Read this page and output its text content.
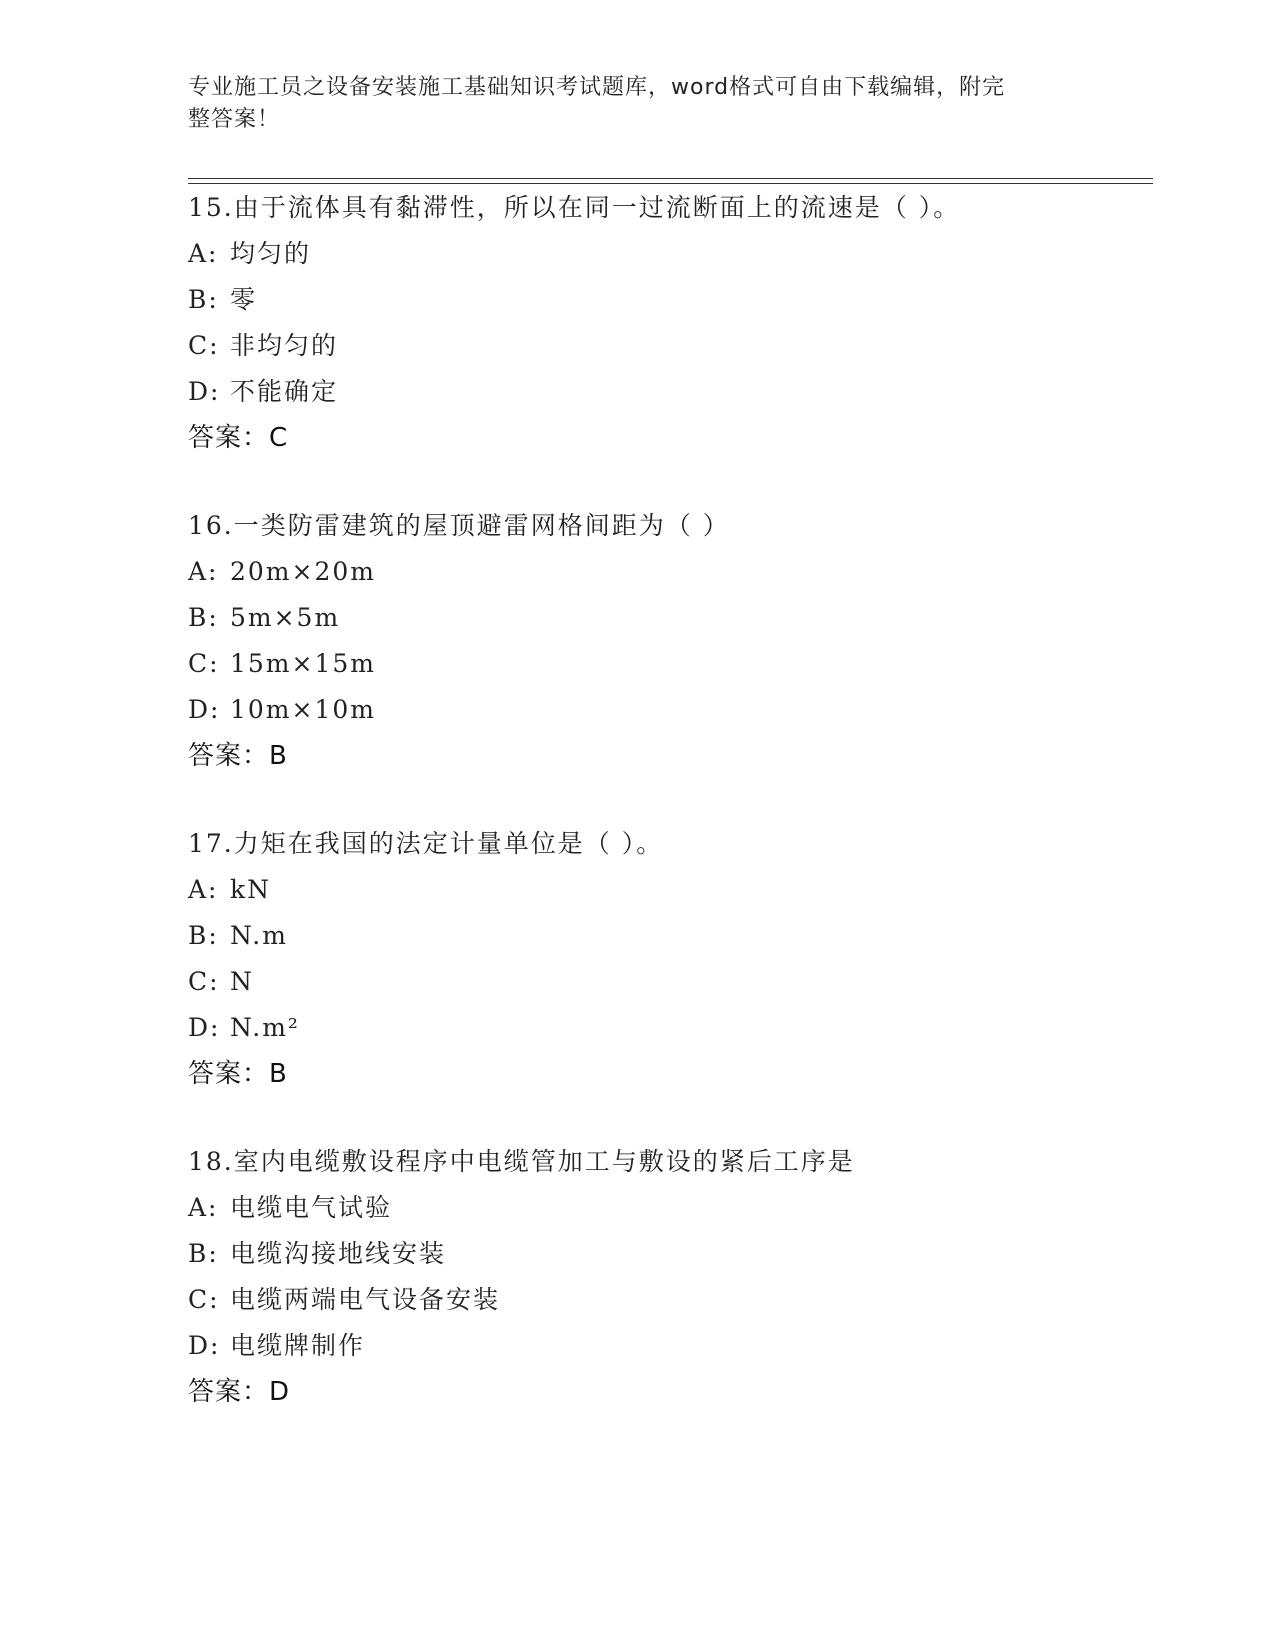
专业施工员之设备安装施工基础知识考试题库，word格式可自由下载编辑，附完
整答案！
15.由于流体具有黏滞性，所以在同一过流断面上的流速是（ ）。
A: 均匀的
B: 零
C: 非均匀的
D: 不能确定
答案：C
16.一类防雷建筑的屋顶避雷网格间距为（ ）
A: 20m×20m
B: 5m×5m
C: 15m×15m
D: 10m×10m
答案：B
17.力矩在我国的法定计量单位是（ ）。
A: kN
B: N.m
C: N
D: N.m²
答案：B
18.室内电缆敷设程序中电缆管加工与敷设的紧后工序是
A: 电缆电气试验
B: 电缆沟接地线安装
C: 电缆两端电气设备安装
D: 电缆牌制作
答案：D
